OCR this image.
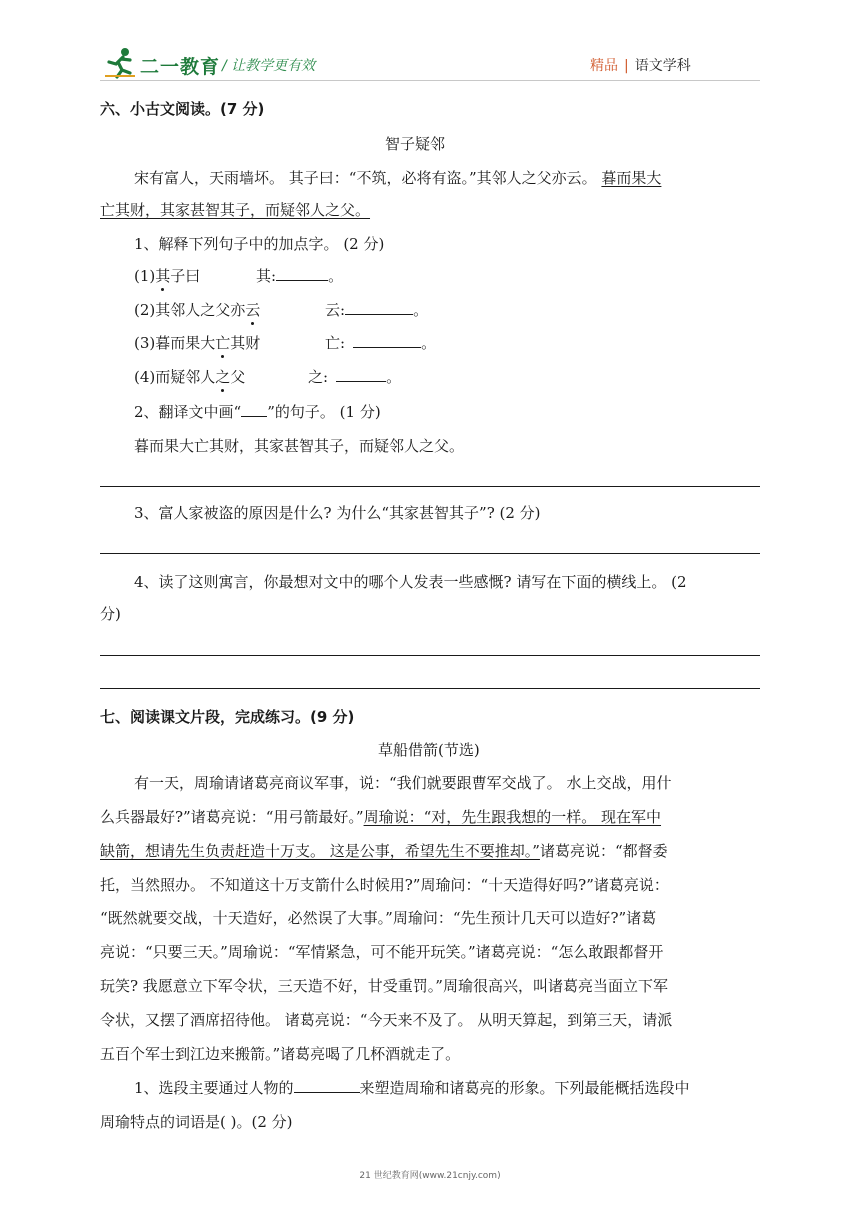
二一教育 / 让教学更有效	精品 | 语文学科
六、小古文阅读。(7 分)
智子疑邻
宋有富人，天雨墙坏。 其子曰：“不筑，必将有盗。”其邻人之父亦云。 暮而果大
亡其财，其家甚智其子，而疑邻人之父。
1、解释下列句子中的加点字。 (2 分)
(1)其子曰	其:	。
(2)其邻人之父亦云	云:	。
(3)暮而果大亡其财	亡:	。
(4)而疑邻人之父	之:	。
2、翻译文中画“ ”的句子。 (1 分)
暮而果大亡其财，其家甚智其子，而疑邻人之父。
3、富人家被盗的原因是什么? 为什么“其家甚智其子”? (2 分)
4、读了这则寓言，你最想对文中的哪个人发表一些感慨? 请写在下面的横线上。 (2
分)
七、阅读课文片段，完成练习。(9 分)
草船借箭(节选)
有一天，周瑜请诸葛亮商议军事，说：“我们就要跟曹军交战了。 水上交战，用什
么兵器最好?”诸葛亮说：“用弓箭最好。”周瑜说：“对，先生跟我想的一样。 现在军中
缺箭，想请先生负责赶造十万支。 这是公事，希望先生不要推却。”诸葛亮说：“都督委
托，当然照办。 不知道这十万支箭什么时候用?”周瑜问：“十天造得好吗?”诸葛亮说：
“既然就要交战，十天造好，必然误了大事。”周瑜问：“先生预计几天可以造好?”诸葛
亮说：“只要三天。”周瑜说：“军情紧急，可不能开玩笑。”诸葛亮说：“怎么敢跟都督开
玩笑? 我愿意立下军令状，三天造不好，甘受重罚。”周瑜很高兴，叫诸葛亮当面立下军
令状，又摆了酒席招待他。 诸葛亮说：“今天来不及了。 从明天算起，到第三天，请派
五百个军士到江边来搬箭。”诸葛亮喝了几杯酒就走了。
1、选段主要通过人物的	来塑造周瑜和诸葛亮的形象。下列最能概括选段中
周瑜特点的词语是( )。(2 分)
21 世纪教育网(www.21cnjy.com)
